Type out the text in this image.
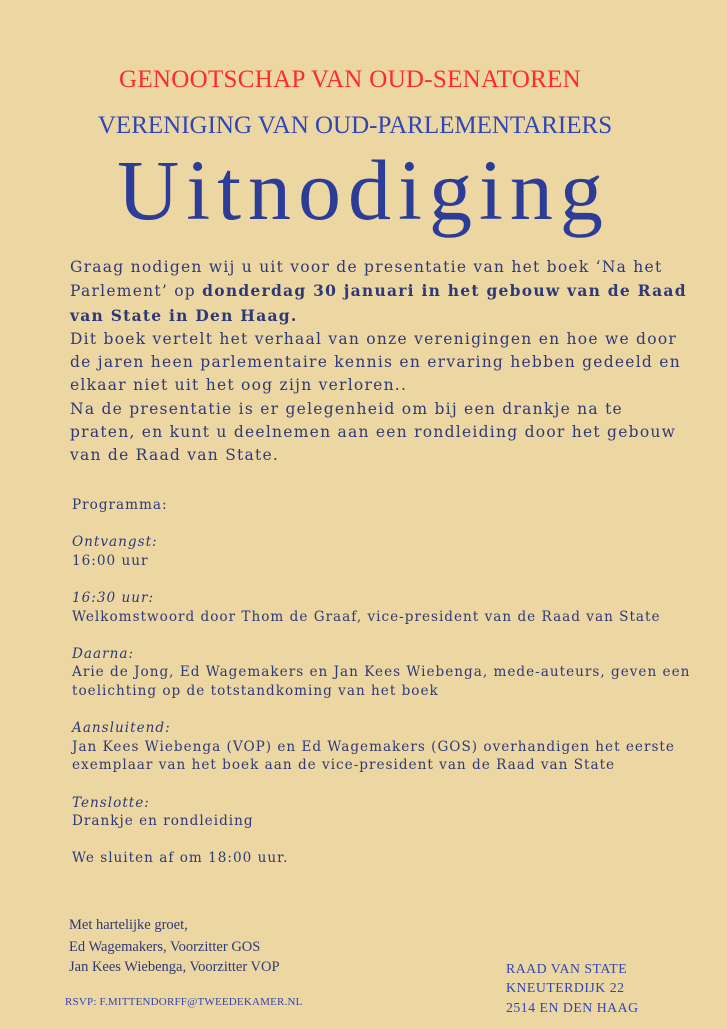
GENOOTSCHAP VAN OUD-SENATOREN

VERENIGING VAN OUD-PARLEMENTARIERS

Uitnodiging
Graag nodigen wij u uit voor de presentatie van het boek ‘Na het Parlement’ op donderdag 30 januari in het gebouw van de Raad van State in Den Haag.
Dit boek vertelt het verhaal van onze verenigingen en hoe we door de jaren heen parlementaire kennis en ervaring hebben gedeeld en elkaar niet uit het oog zijn verloren..
Na de presentatie is er gelegenheid om bij een drankje na te praten, en kunt u deelnemen aan een rondleiding door het gebouw van de Raad van State.
Programma:
Ontvangst:
16:00 uur
16:30 uur:
Welkomstwoord door Thom de Graaf, vice-president van de Raad van State
Daarna:
Arie de Jong, Ed Wagemakers en Jan Kees Wiebenga, mede-auteurs, geven een toelichting op de totstandkoming van het boek
Aansluitend:
Jan Kees Wiebenga (VOP) en Ed Wagemakers (GOS) overhandigen het eerste exemplaar van het boek aan de vice-president van de Raad van State
Tenslotte:
Drankje en rondleiding
We sluiten af om 18:00 uur.
Met hartelijke groet,
Ed Wagemakers, Voorzitter GOS
Jan Kees Wiebenga, Voorzitter VOP
RSVP: F.MITTENDORFF@TWEEDEKAMER.NL
RAAD VAN STATE
KNEUTERDIJK 22
2514 EN DEN HAAG
